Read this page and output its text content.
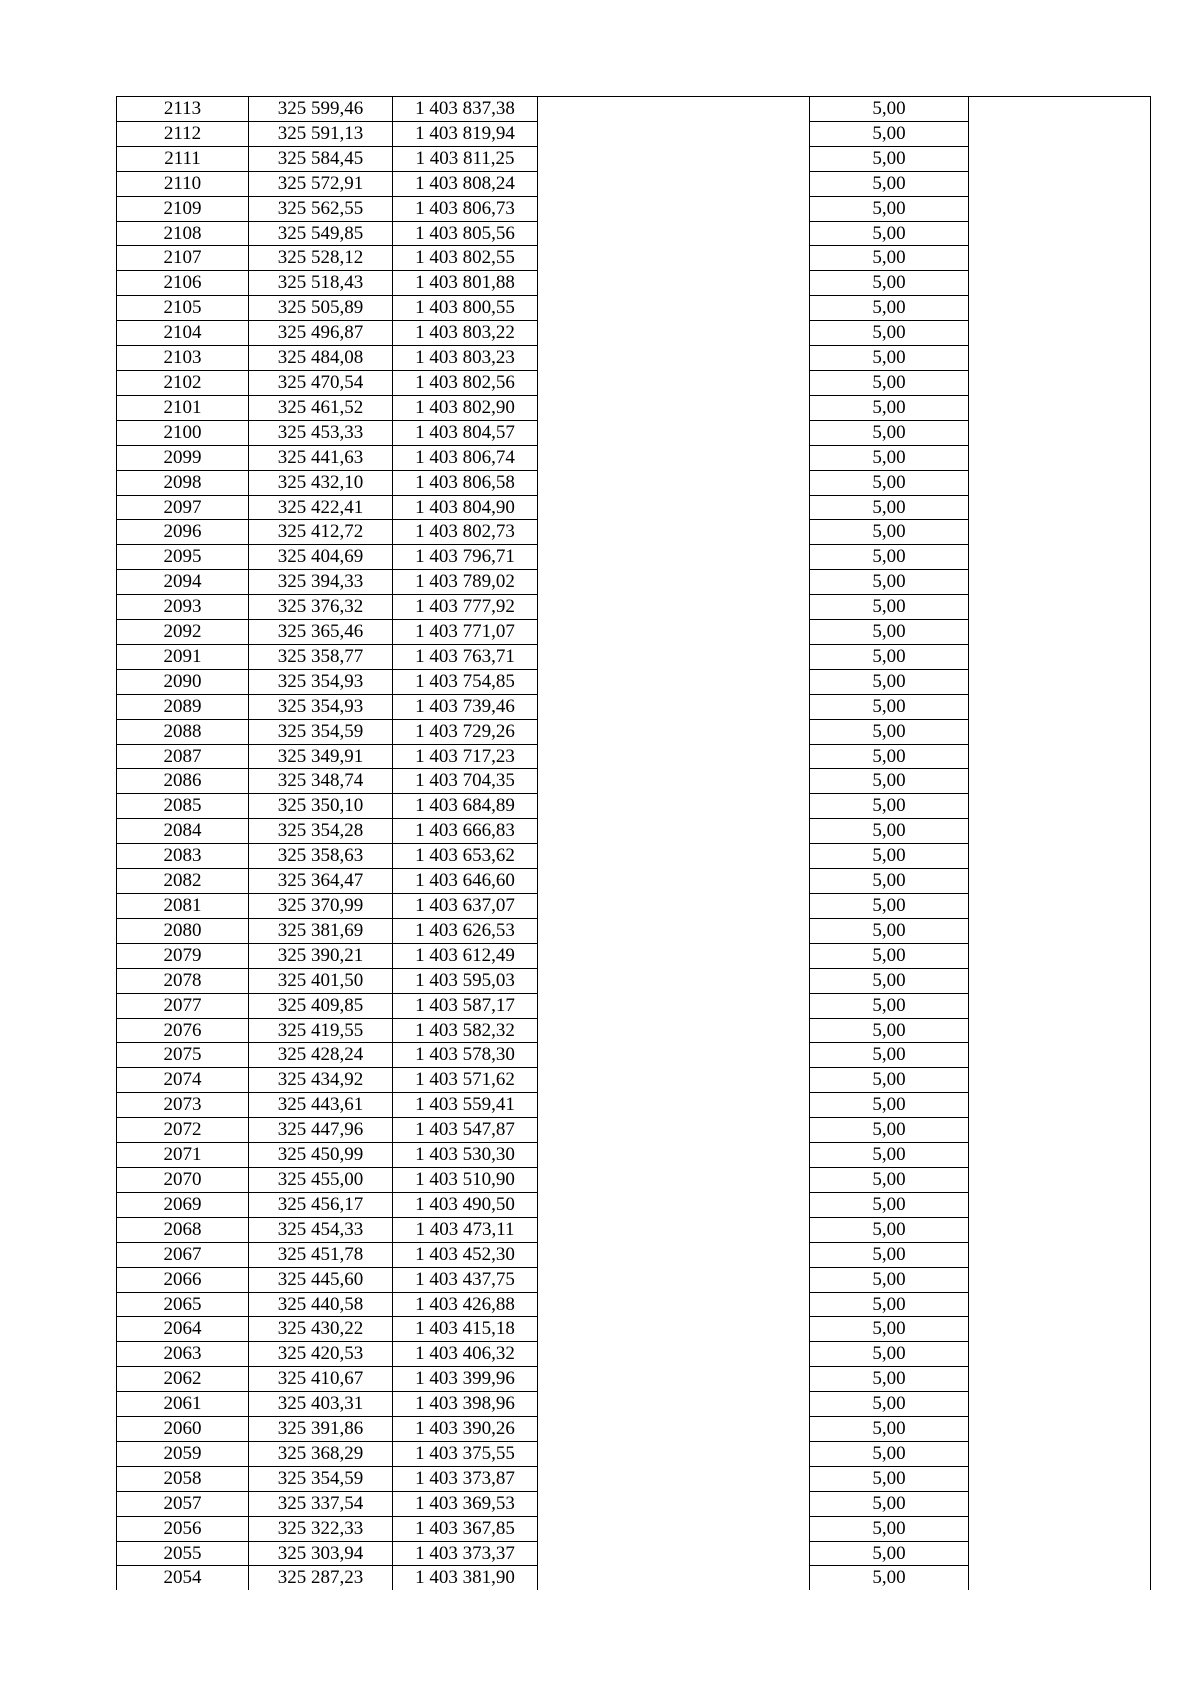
2113	325 599,46	1 403 837,38		5,00	
2112	325 591,13	1 403 819,94		5,00	
2111	325 584,45	1 403 811,25		5,00	
2110	325 572,91	1 403 808,24		5,00	
2109	325 562,55	1 403 806,73		5,00	
2108	325 549,85	1 403 805,56		5,00	
2107	325 528,12	1 403 802,55		5,00	
2106	325 518,43	1 403 801,88		5,00	
2105	325 505,89	1 403 800,55		5,00	
2104	325 496,87	1 403 803,22		5,00	
2103	325 484,08	1 403 803,23		5,00	
2102	325 470,54	1 403 802,56		5,00	
2101	325 461,52	1 403 802,90		5,00	
2100	325 453,33	1 403 804,57		5,00	
2099	325 441,63	1 403 806,74		5,00	
2098	325 432,10	1 403 806,58		5,00	
2097	325 422,41	1 403 804,90		5,00	
2096	325 412,72	1 403 802,73		5,00	
2095	325 404,69	1 403 796,71		5,00	
2094	325 394,33	1 403 789,02		5,00	
2093	325 376,32	1 403 777,92		5,00	
2092	325 365,46	1 403 771,07		5,00	
2091	325 358,77	1 403 763,71		5,00	
2090	325 354,93	1 403 754,85		5,00	
2089	325 354,93	1 403 739,46		5,00	
2088	325 354,59	1 403 729,26		5,00	
2087	325 349,91	1 403 717,23		5,00	
2086	325 348,74	1 403 704,35		5,00	
2085	325 350,10	1 403 684,89		5,00	
2084	325 354,28	1 403 666,83		5,00	
2083	325 358,63	1 403 653,62		5,00	
2082	325 364,47	1 403 646,60		5,00	
2081	325 370,99	1 403 637,07		5,00	
2080	325 381,69	1 403 626,53		5,00	
2079	325 390,21	1 403 612,49		5,00	
2078	325 401,50	1 403 595,03		5,00	
2077	325 409,85	1 403 587,17		5,00	
2076	325 419,55	1 403 582,32		5,00	
2075	325 428,24	1 403 578,30		5,00	
2074	325 434,92	1 403 571,62		5,00	
2073	325 443,61	1 403 559,41		5,00	
2072	325 447,96	1 403 547,87		5,00	
2071	325 450,99	1 403 530,30		5,00	
2070	325 455,00	1 403 510,90		5,00	
2069	325 456,17	1 403 490,50		5,00	
2068	325 454,33	1 403 473,11		5,00	
2067	325 451,78	1 403 452,30		5,00	
2066	325 445,60	1 403 437,75		5,00	
2065	325 440,58	1 403 426,88		5,00	
2064	325 430,22	1 403 415,18		5,00	
2063	325 420,53	1 403 406,32		5,00	
2062	325 410,67	1 403 399,96		5,00	
2061	325 403,31	1 403 398,96		5,00	
2060	325 391,86	1 403 390,26		5,00	
2059	325 368,29	1 403 375,55		5,00	
2058	325 354,59	1 403 373,87		5,00	
2057	325 337,54	1 403 369,53		5,00	
2056	325 322,33	1 403 367,85		5,00	
2055	325 303,94	1 403 373,37		5,00	
2054	325 287,23	1 403 381,90		5,00	
